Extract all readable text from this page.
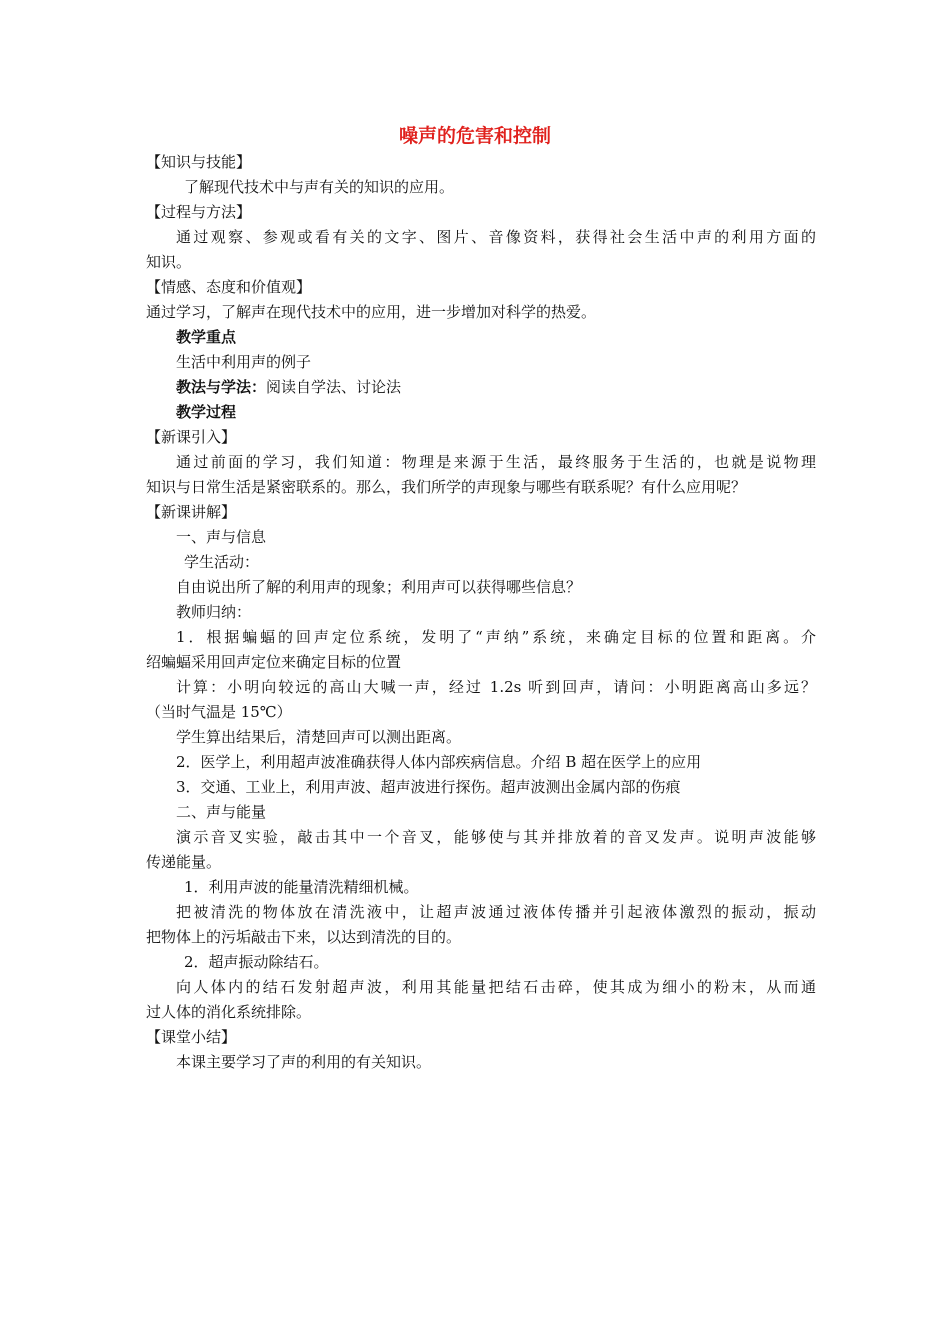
噪声的危害和控制
【知识与技能】
了解现代技术中与声有关的知识的应用。
【过程与方法】
通过观察、参观或看有关的文字、图片、音像资料，获得社会生活中声的利用方面的
知识。
【情感、态度和价值观】
通过学习，了解声在现代技术中的应用，进一步增加对科学的热爱。
教学重点
生活中利用声的例子
教法与学法：阅读自学法、讨论法
教学过程
【新课引入】
通过前面的学习，我们知道：物理是来源于生活，最终服务于生活的，也就是说物理
知识与日常生活是紧密联系的。那么，我们所学的声现象与哪些有联系呢？有什么应用呢？
【新课讲解】
一、声与信息
学生活动：
自由说出所了解的利用声的现象；利用声可以获得哪些信息？
教师归纳：
1．根据蝙蝠的回声定位系统，发明了“声纳”系统，来确定目标的位置和距离。介
绍蝙蝠采用回声定位来确定目标的位置
计算：小明向较远的高山大喊一声，经过 1.2s 听到回声，请问：小明距离高山多远？
（当时气温是 15℃）
学生算出结果后，清楚回声可以测出距离。
2．医学上，利用超声波准确获得人体内部疾病信息。介绍 B 超在医学上的应用
3．交通、工业上，利用声波、超声波进行探伤。超声波测出金属内部的伤痕
二、声与能量
演示音叉实验，敲击其中一个音叉，能够使与其并排放着的音叉发声。说明声波能够
传递能量。
1．利用声波的能量清洗精细机械。
把被清洗的物体放在清洗液中，让超声波通过液体传播并引起液体激烈的振动，振动
把物体上的污垢敲击下来，以达到清洗的目的。
2．超声振动除结石。
向人体内的结石发射超声波，利用其能量把结石击碎，使其成为细小的粉末，从而通
过人体的消化系统排除。
【课堂小结】
本课主要学习了声的利用的有关知识。
